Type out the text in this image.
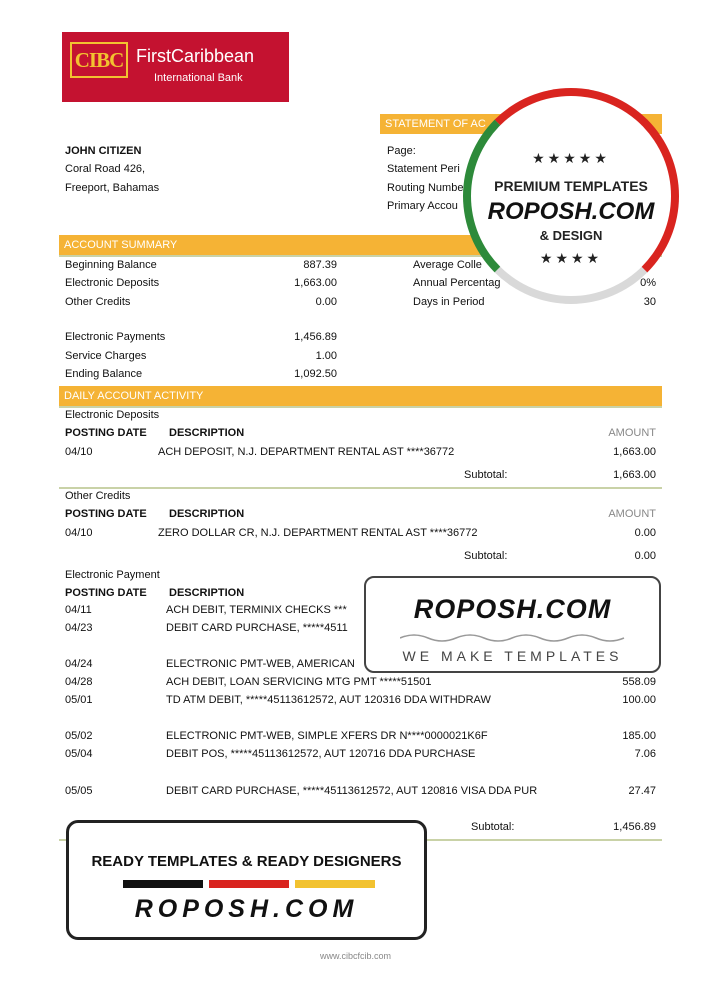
CIBC FirstCaribbean
International Bank
STATEMENT OF AC
Page:
Statement Peri
Routing Numbe
Primary Accou
JOHN CITIZEN
Coral Road 426,
Freeport, Bahamas
ACCOUNT SUMMARY
Beginning Balance	887.39
Electronic Deposits	1,663.00
Other Credits	0.00
Electronic Payments	1,456.89
Service Charges	1.00
Ending Balance	1,092.50
Average Colle
Annual Percentag	0%
Days in Period	30
DAILY ACCOUNT ACTIVITY
Electronic Deposits
POSTING DATE DESCRIPTION	AMOUNT
04/10	ACH DEPOSIT, N.J. DEPARTMENT RENTAL AST ****36772	1,663.00
Subtotal:	1,663.00
Other Credits
POSTING DATE DESCRIPTION	AMOUNT
04/10	ZERO DOLLAR CR, N.J. DEPARTMENT RENTAL AST ****36772	0.00
Subtotal:	0.00
Electronic Payment
POSTING DATE DESCRIPTION
04/11	ACH DEBIT, TERMINIX CHECKS ***
04/23	DEBIT CARD PURCHASE, *****4511
04/24	ELECTRONIC PMT-WEB, AMERICAN
04/28	ACH DEBIT, LOAN SERVICING MTG PMT *****51501	558.09
05/01	TD ATM DEBIT, *****45113612572, AUT 120316 DDA WITHDRAW	100.00
05/02	ELECTRONIC PMT-WEB, SIMPLE XFERS DR N****0000021K6F	185.00
05/04	DEBIT POS, *****45113612572, AUT 120716 DDA PURCHASE	7.06
05/05	DEBIT CARD PURCHASE, *****45113612572, AUT 120816 VISA DDA PUR	27.47
Subtotal:	1,456.89
www.cibcfcib.com
★★★★★
PREMIUM TEMPLATES
ROPOSH.COM
& DESIGN
★★★★
ROPOSH.COM
WE MAKE TEMPLATES
READY TEMPLATES & READY DESIGNERS
ROPOSH.COM
